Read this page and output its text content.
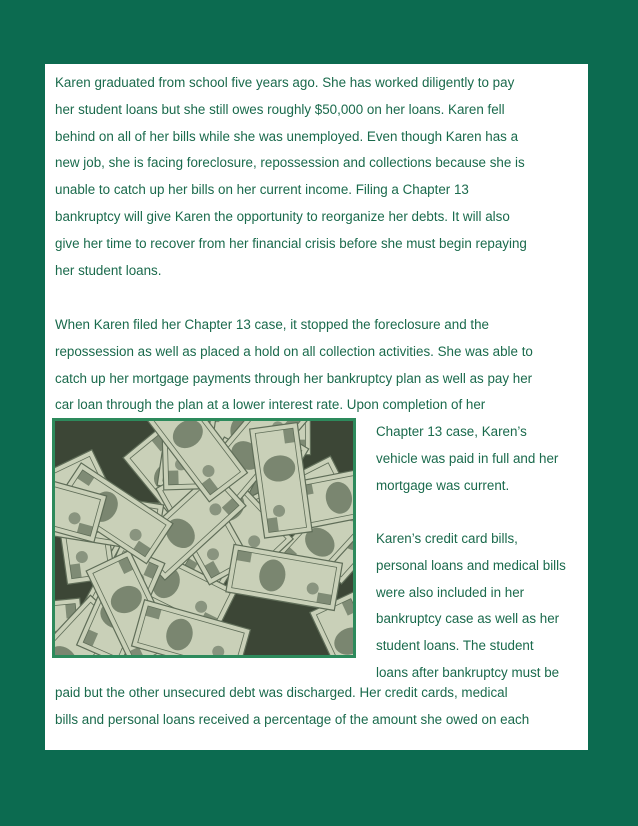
Karen graduated from school five years ago. She has worked diligently to pay
her student loans but she still owes roughly $50,000 on her loans. Karen fell
behind on all of her bills while she was unemployed. Even though Karen has a
new job, she is facing foreclosure, repossession and collections because she is
unable to catch up her bills on her current income. Filing a Chapter 13
bankruptcy will give Karen the opportunity to reorganize her debts. It will also
give her time to recover from her financial crisis before she must begin repaying
her student loans.
When Karen filed her Chapter 13 case, it stopped the foreclosure and the
repossession as well as placed a hold on all collection activities. She was able to
catch up her mortgage payments through her bankruptcy plan as well as pay her
car loan through the plan at a lower interest rate. Upon completion of her
Chapter 13 case, Karen’s
vehicle was paid in full and her
mortgage was current.
Karen’s credit card bills,
personal loans and medical bills
were also included in her
bankruptcy case as well as her
student loans. The student
loans after bankruptcy must be
paid but the other unsecured debt was discharged. Her credit cards, medical
bills and personal loans received a percentage of the amount she owed on each
